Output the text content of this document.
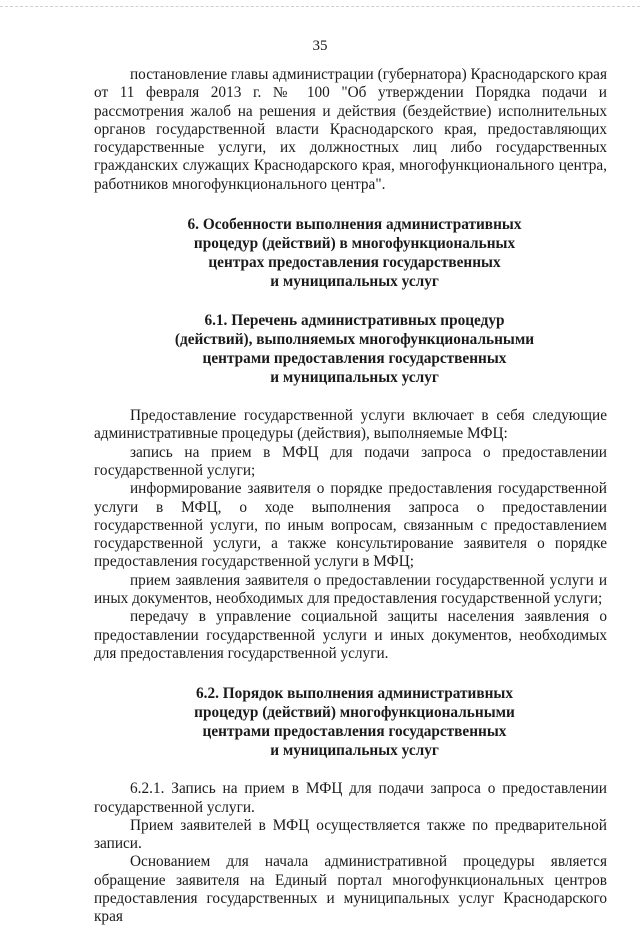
35

постановление главы администрации (губернатора) Краснодарского края от 11 февраля 2013 г. № 100 "Об утверждении Порядка подачи и рассмотрения жалоб на решения и действия (бездействие) исполнительных органов государственной власти Краснодарского края, предоставляющих государственные услуги, их должностных лиц либо государственных гражданских служащих Краснодарского края, многофункционального центра, работников многофункционального центра".

6. Особенности выполнения административных
процедур (действий) в многофункциональных
центрах предоставления государственных
и муниципальных услуг
6.1. Перечень административных процедур
(действий), выполняемых многофункциональными
центрами предоставления государственных
и муниципальных услуг

Предоставление государственной услуги включает в себя следующие административные процедуры (действия), выполняемые МФЦ:

запись на прием в МФЦ для подачи запроса о предоставлении государственной услуги;

информирование заявителя о порядке предоставления государственной услуги в МФЦ, о ходе выполнения запроса о предоставлении государственной услуги, по иным вопросам, связанным с предоставлением государственной услуги, а также консультирование заявителя о порядке предоставления государственной услуги в МФЦ;

прием заявления заявителя о предоставлении государственной услуги и иных документов, необходимых для предоставления государственной услуги;

передачу в управление социальной защиты населения заявления о предоставлении государственной услуги и иных документов, необходимых для предоставления государственной услуги.

6.2. Порядок выполнения административных
процедур (действий) многофункциональными
центрами предоставления государственных
и муниципальных услуг

6.2.1. Запись на прием в МФЦ для подачи запроса о предоставлении государственной услуги.

Прием заявителей в МФЦ осуществляется также по предварительной записи.

Основанием для начала административной процедуры является обращение заявителя на Единый портал многофункциональных центров предоставления государственных и муниципальных услуг Краснодарского края
